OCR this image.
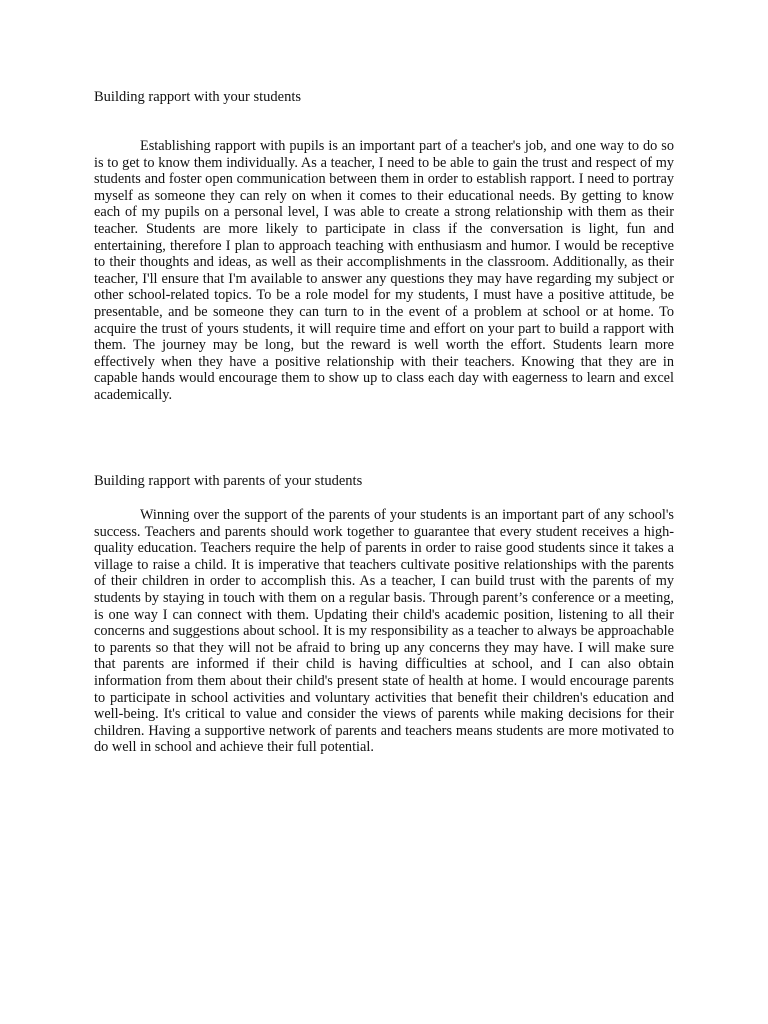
Building rapport with your students

Establishing rapport with pupils is an important part of a teacher's job, and one way to do so is to get to know them individually. As a teacher, I need to be able to gain the trust and respect of my students and foster open communication between them in order to establish rapport. I need to portray myself as someone they can rely on when it comes to their educational needs. By getting to know each of my pupils on a personal level, I was able to create a strong relationship with them as their teacher. Students are more likely to participate in class if the conversation is light, fun and entertaining, therefore I plan to approach teaching with enthusiasm and humor. I would be receptive to their thoughts and ideas, as well as their accomplishments in the classroom. Additionally, as their teacher, I'll ensure that I'm available to answer any questions they may have regarding my subject or other school-related topics. To be a role model for my students, I must have a positive attitude, be presentable, and be someone they can turn to in the event of a problem at school or at home. To acquire the trust of yours students, it will require time and effort on your part to build a rapport with them. The journey may be long, but the reward is well worth the effort. Students learn more effectively when they have a positive relationship with their teachers. Knowing that they are in capable hands would encourage them to show up to class each day with eagerness to learn and excel academically.

Building rapport with parents of your students

Winning over the support of the parents of your students is an important part of any school's success. Teachers and parents should work together to guarantee that every student receives a high-quality education. Teachers require the help of parents in order to raise good students since it takes a village to raise a child. It is imperative that teachers cultivate positive relationships with the parents of their children in order to accomplish this. As a teacher, I can build trust with the parents of my students by staying in touch with them on a regular basis. Through parent’s conference or a meeting, is one way I can connect with them. Updating their child's academic position, listening to all their concerns and suggestions about school. It is my responsibility as a teacher to always be approachable to parents so that they will not be afraid to bring up any concerns they may have. I will make sure that parents are informed if their child is having difficulties at school, and I can also obtain information from them about their child's present state of health at home. I would encourage parents to participate in school activities and voluntary activities that benefit their children's education and well-being. It's critical to value and consider the views of parents while making decisions for their children. Having a supportive network of parents and teachers means students are more motivated to do well in school and achieve their full potential.
